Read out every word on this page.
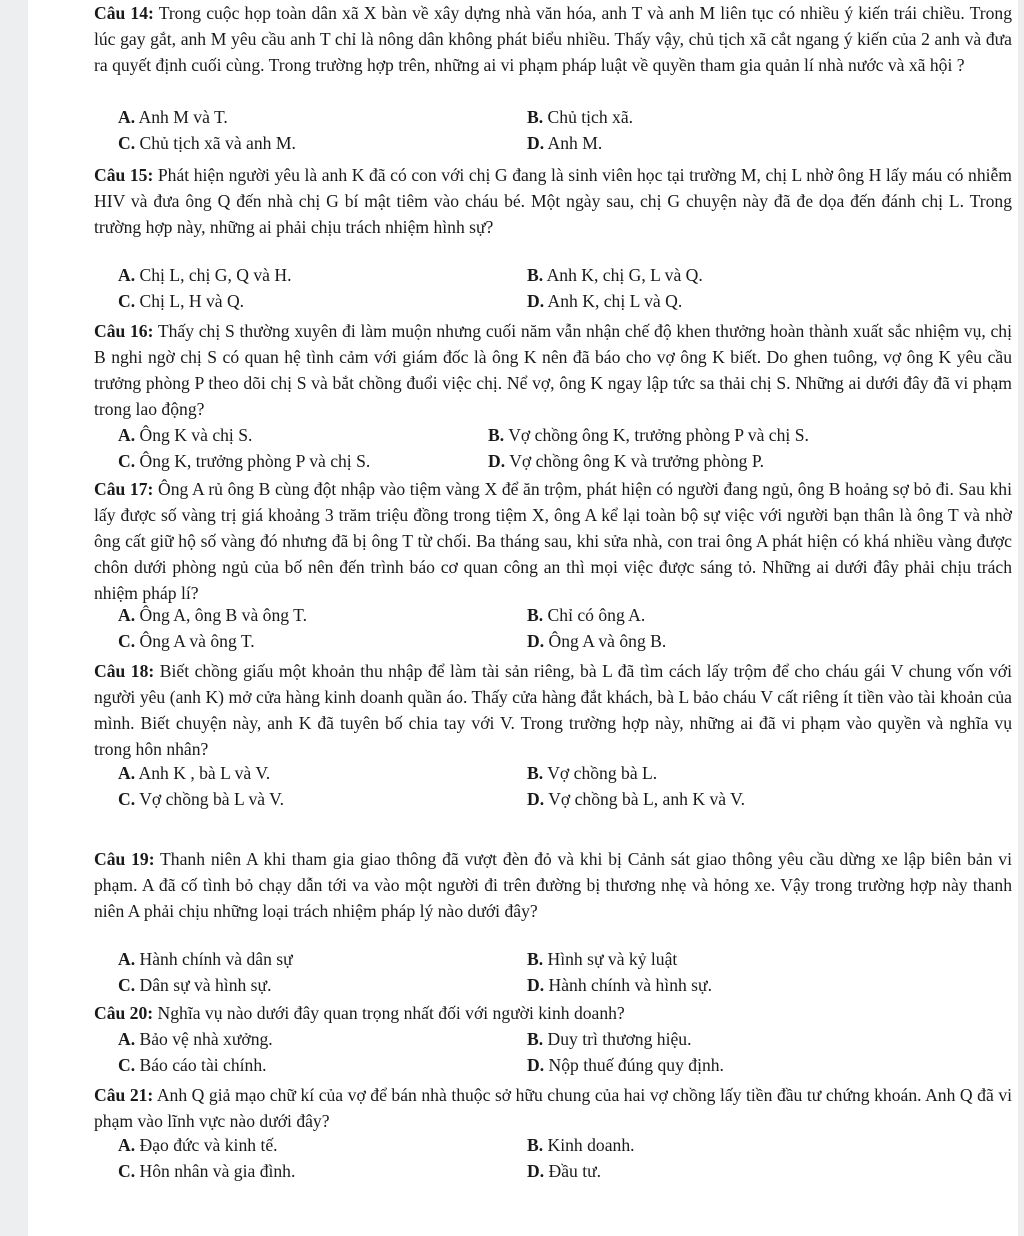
Câu 14: Trong cuộc họp toàn dân xã X bàn về xây dựng nhà văn hóa, anh T và anh M liên tục có nhiều ý kiến trái chiều. Trong lúc gay gắt, anh M yêu cầu anh T chỉ là nông dân không phát biểu nhiều. Thấy vậy, chủ tịch xã cắt ngang ý kiến của 2 anh và đưa ra quyết định cuối cùng. Trong trường hợp trên, những ai vi phạm pháp luật về quyền tham gia quản lí nhà nước và xã hội ?
A. Anh M và T.	B. Chủ tịch xã.
C. Chủ tịch xã và anh M.	D. Anh M.
Câu 15: Phát hiện người yêu là anh K đã có con với chị G đang là sinh viên học tại trường M, chị L nhờ ông H lấy máu có nhiễm HIV và đưa ông Q đến nhà chị G bí mật tiêm vào cháu bé. Một ngày sau, chị G chuyện này đã đe dọa đến đánh chị L. Trong trường hợp này, những ai phải chịu trách nhiệm hình sự?
A. Chị L, chị G, Q và H.	B. Anh K, chị G, L và Q.
C. Chị L, H và Q.	D. Anh K, chị L và Q.
Câu 16: Thấy chị S thường xuyên đi làm muộn nhưng cuối năm vẫn nhận chế độ khen thưởng hoàn thành xuất sắc nhiệm vụ, chị B nghi ngờ chị S có quan hệ tình cảm với giám đốc là ông K nên đã báo cho vợ ông K biết. Do ghen tuông, vợ ông K yêu cầu trưởng phòng P theo dõi chị S và bắt chồng đuổi việc chị. Nể vợ, ông K ngay lập tức sa thải chị S. Những ai dưới đây đã vi phạm trong lao động?
A. Ông K và chị S.	B. Vợ chồng ông K, trưởng phòng P và chị S.
C. Ông K, trưởng phòng P và chị S.	D. Vợ chồng ông K và trưởng phòng P.
Câu 17: Ông A rủ ông B cùng đột nhập vào tiệm vàng X để ăn trộm, phát hiện có người đang ngủ, ông B hoảng sợ bỏ đi. Sau khi lấy được số vàng trị giá khoảng 3 trăm triệu đồng trong tiệm X, ông A kể lại toàn bộ sự việc với người bạn thân là ông T và nhờ ông cất giữ hộ số vàng đó nhưng đã bị ông T từ chối. Ba tháng sau, khi sửa nhà, con trai ông A phát hiện có khá nhiều vàng được chôn dưới phòng ngủ của bố nên đến trình báo cơ quan công an thì mọi việc được sáng tỏ. Những ai dưới đây phải chịu trách nhiệm pháp lí?
A. Ông A, ông B và ông T.	B. Chỉ có ông A.
C. Ông A và ông T.	D. Ông A và ông B.
Câu 18: Biết chồng giấu một khoản thu nhập để làm tài sản riêng, bà L đã tìm cách lấy trộm để cho cháu gái V chung vốn với người yêu (anh K) mở cửa hàng kinh doanh quần áo. Thấy cửa hàng đắt khách, bà L bảo cháu V cất riêng ít tiền vào tài khoản của mình. Biết chuyện này, anh K đã tuyên bố chia tay với V. Trong trường hợp này, những ai đã vi phạm vào quyền và nghĩa vụ trong hôn nhân?
A. Anh K , bà L và V.	B. Vợ chồng bà L.
C. Vợ chồng bà L và V.	D. Vợ chồng bà L, anh K và V.
Câu 19: Thanh niên A khi tham gia giao thông đã vượt đèn đỏ và khi bị Cảnh sát giao thông yêu cầu dừng xe lập biên bản vi phạm. A đã cố tình bỏ chạy dẫn tới va vào một người đi trên đường bị thương nhẹ và hỏng xe. Vậy trong trường hợp này thanh niên A phải chịu những loại trách nhiệm pháp lý nào dưới đây?
A. Hành chính và dân sự	B. Hình sự và kỷ luật
C. Dân sự và hình sự.	D. Hành chính và hình sự.
Câu 20: Nghĩa vụ nào dưới đây quan trọng nhất đối với người kinh doanh?
A. Bảo vệ nhà xưởng.	B. Duy trì thương hiệu.
C. Báo cáo tài chính.	D. Nộp thuế đúng quy định.
Câu 21: Anh Q giả mạo chữ kí của vợ để bán nhà thuộc sở hữu chung của hai vợ chồng lấy tiền đầu tư chứng khoán. Anh Q đã vi phạm vào lĩnh vực nào dưới đây?
A. Đạo đức và kinh tế.	B. Kinh doanh.
C. Hôn nhân và gia đình.	D. Đầu tư.
